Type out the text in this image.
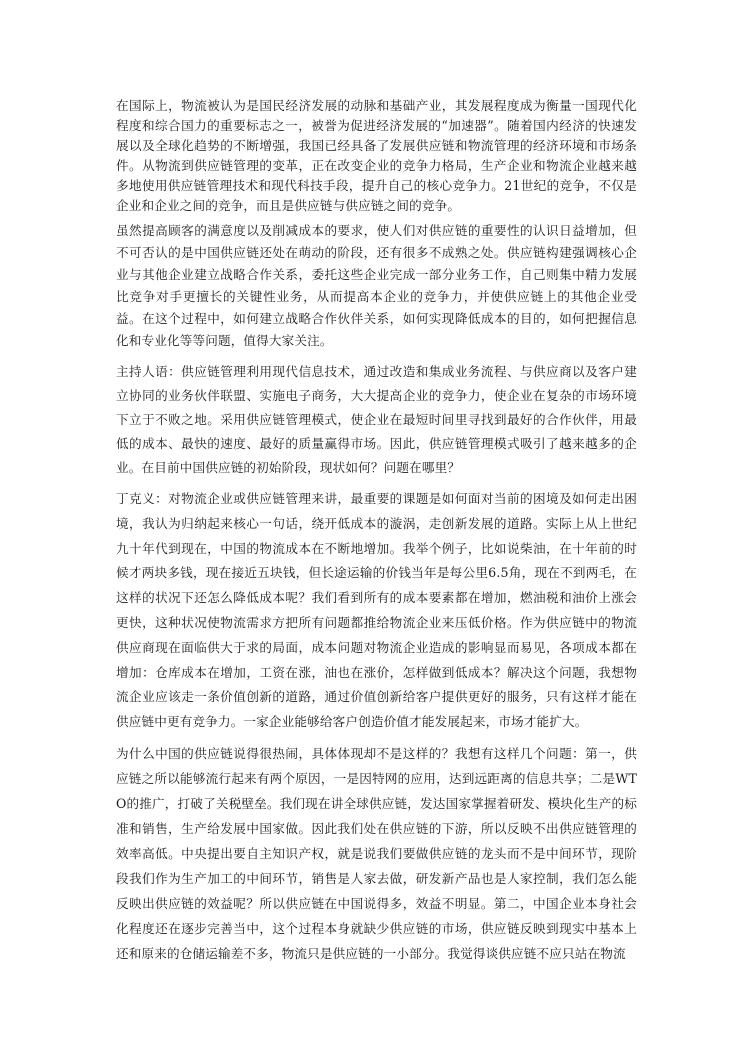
在国际上，物流被认为是国民经济发展的动脉和基础产业，其发展程度成为衡量一国现代化程度和综合国力的重要标志之一，被誉为促进经济发展的“加速器”。随着国内经济的快速发展以及全球化趋势的不断增强，我国已经具备了发展供应链和物流管理的经济环境和市场条件。从物流到供应链管理的变革，正在改变企业的竞争力格局，生产企业和物流企业越来越多地使用供应链管理技术和现代科技手段，提升自己的核心竞争力。21世纪的竞争，不仅是企业和企业之间的竞争，而且是供应链与供应链之间的竞争。

虽然提高顾客的满意度以及削减成本的要求，使人们对供应链的重要性的认识日益增加，但不可否认的是中国供应链还处在萌动的阶段，还有很多不成熟之处。供应链构建强调核心企业与其他企业建立战略合作关系，委托这些企业完成一部分业务工作，自己则集中精力发展比竞争对手更擅长的关键性业务，从而提高本企业的竞争力，并使供应链上的其他企业受益。在这个过程中，如何建立战略合作伙伴关系，如何实现降低成本的目的，如何把握信息化和专业化等等问题，值得大家关注。

主持人语：供应链管理利用现代信息技术，通过改造和集成业务流程、与供应商以及客户建立协同的业务伙伴联盟、实施电子商务，大大提高企业的竞争力，使企业在复杂的市场环境下立于不败之地。采用供应链管理模式，使企业在最短时间里寻找到最好的合作伙伴，用最低的成本、最快的速度、最好的质量赢得市场。因此，供应链管理模式吸引了越来越多的企业。在目前中国供应链的初始阶段，现状如何？问题在哪里？

丁克义：对物流企业或供应链管理来讲，最重要的课题是如何面对当前的困境及如何走出困境，我认为归纳起来核心一句话，绕开低成本的漩涡，走创新发展的道路。实际上从上世纪九十年代到现在，中国的物流成本在不断地增加。我举个例子，比如说柴油，在十年前的时候才两块多钱，现在接近五块钱，但长途运输的价钱当年是每公里6.5角，现在不到两毛，在这样的状况下还怎么降低成本呢？我们看到所有的成本要素都在增加，燃油税和油价上涨会更快，这种状况使物流需求方把所有问题都推给物流企业来压低价格。作为供应链中的物流供应商现在面临供大于求的局面，成本问题对物流企业造成的影响显而易见，各项成本都在增加：仓库成本在增加，工资在涨，油也在涨价，怎样做到低成本？解决这个问题，我想物流企业应该走一条价值创新的道路，通过价值创新给客户提供更好的服务，只有这样才能在供应链中更有竞争力。一家企业能够给客户创造价值才能发展起来，市场才能扩大。

为什么中国的供应链说得很热闹，具体体现却不是这样的？我想有这样几个问题：第一，供应链之所以能够流行起来有两个原因，一是因特网的应用，达到远距离的信息共享；二是WTO的推广，打破了关税壁垒。我们现在讲全球供应链，发达国家掌握着研发、模块化生产的标准和销售，生产给发展中国家做。因此我们处在供应链的下游，所以反映不出供应链管理的效率高低。中央提出要自主知识产权，就是说我们要做供应链的龙头而不是中间环节，现阶段我们作为生产加工的中间环节，销售是人家去做，研发新产品也是人家控制，我们怎么能反映出供应链的效益呢？所以供应链在中国说得多，效益不明显。第二，中国企业本身社会化程度还在逐步完善当中，这个过程本身就缺少供应链的市场，供应链反映到现实中基本上还和原来的仓储运输差不多，物流只是供应链的一小部分。我觉得谈供应链不应只站在物流
